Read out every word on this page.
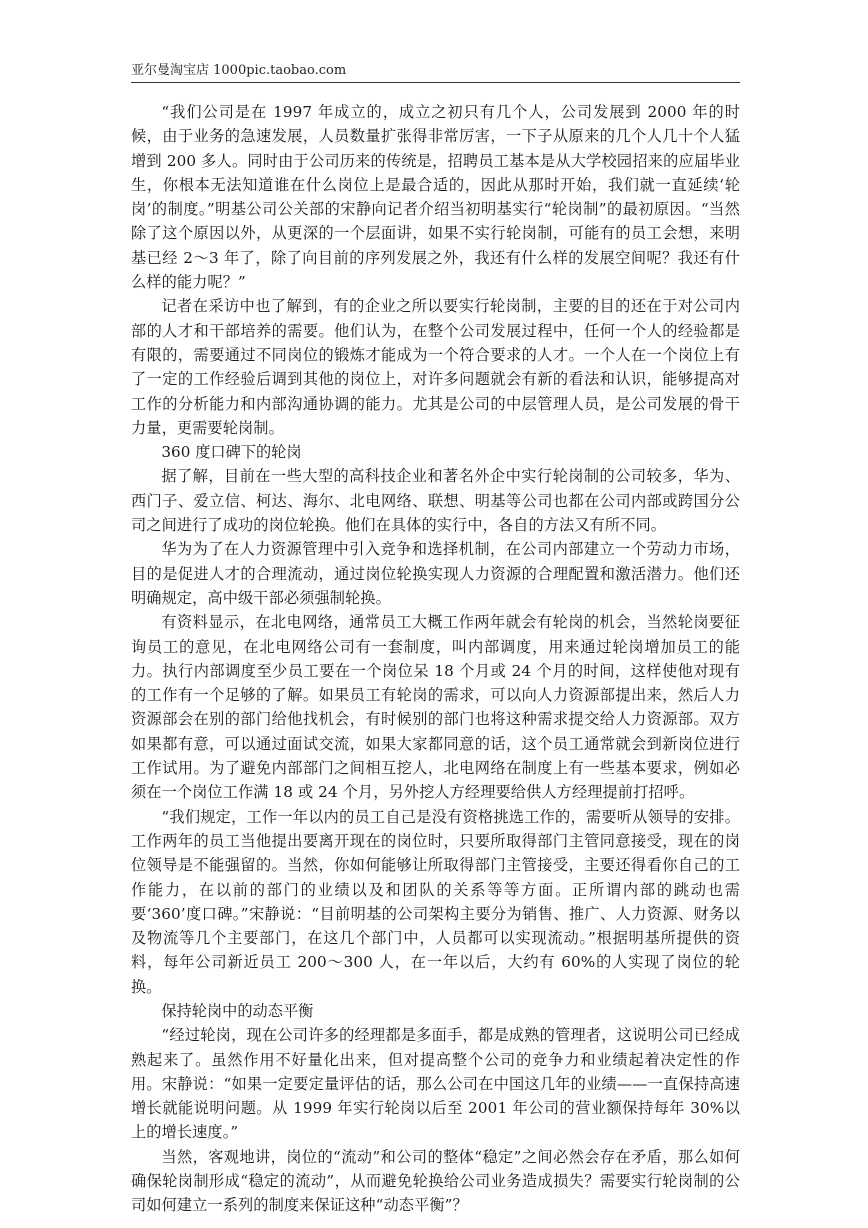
亚尔曼淘宝店 1000pic.taobao.com

“我们公司是在 1997 年成立的，成立之初只有几个人，公司发展到 2000 年的时候，由于业务的急速发展，人员数量扩张得非常厉害，一下子从原来的几个人几十个人猛增到 200 多人。同时由于公司历来的传统是，招聘员工基本是从大学校园招来的应届毕业生，你根本无法知道谁在什么岗位上是最合适的，因此从那时开始，我们就一直延续‘轮岗’的制度。”明基公司公关部的宋静向记者介绍当初明基实行“轮岗制”的最初原因。“当然除了这个原因以外，从更深的一个层面讲，如果不实行轮岗制，可能有的员工会想，来明基已经 2～3 年了，除了向目前的序列发展之外，我还有什么样的发展空间呢？我还有什么样的能力呢？”

记者在采访中也了解到，有的企业之所以要实行轮岗制，主要的目的还在于对公司内部的人才和干部培养的需要。他们认为，在整个公司发展过程中，任何一个人的经验都是有限的，需要通过不同岗位的锻炼才能成为一个符合要求的人才。一个人在一个岗位上有了一定的工作经验后调到其他的岗位上，对许多问题就会有新的看法和认识，能够提高对工作的分析能力和内部沟通协调的能力。尤其是公司的中层管理人员，是公司发展的骨干力量，更需要轮岗制。

360 度口碑下的轮岗

据了解，目前在一些大型的高科技企业和著名外企中实行轮岗制的公司较多，华为、西门子、爱立信、柯达、海尔、北电网络、联想、明基等公司也都在公司内部或跨国分公司之间进行了成功的岗位轮换。他们在具体的实行中，各自的方法又有所不同。

华为为了在人力资源管理中引入竞争和选择机制，在公司内部建立一个劳动力市场，目的是促进人才的合理流动，通过岗位轮换实现人力资源的合理配置和激活潜力。他们还明确规定，高中级干部必须强制轮换。

有资料显示，在北电网络，通常员工大概工作两年就会有轮岗的机会，当然轮岗要征询员工的意见，在北电网络公司有一套制度，叫内部调度，用来通过轮岗增加员工的能力。执行内部调度至少员工要在一个岗位呆 18 个月或 24 个月的时间，这样使他对现有的工作有一个足够的了解。如果员工有轮岗的需求，可以向人力资源部提出来，然后人力资源部会在别的部门给他找机会，有时候别的部门也将这种需求提交给人力资源部。双方如果都有意，可以通过面试交流，如果大家都同意的话，这个员工通常就会到新岗位进行工作试用。为了避免内部部门之间相互挖人，北电网络在制度上有一些基本要求，例如必须在一个岗位工作满 18 或 24 个月，另外挖人方经理要给供人方经理提前打招呼。

“我们规定，工作一年以内的员工自己是没有资格挑选工作的，需要听从领导的安排。工作两年的员工当他提出要离开现在的岗位时，只要所取得部门主管同意接受，现在的岗位领导是不能强留的。当然，你如何能够让所取得部门主管接受，主要还得看你自己的工作能力，在以前的部门的业绩以及和团队的关系等等方面。正所谓内部的跳动也需要‘360’度口碑。”宋静说：“目前明基的公司架构主要分为销售、推广、人力资源、财务以及物流等几个主要部门，在这几个部门中，人员都可以实现流动。”根据明基所提供的资料，每年公司新近员工 200～300 人，在一年以后，大约有 60%的人实现了岗位的轮换。

保持轮岗中的动态平衡

“经过轮岗，现在公司许多的经理都是多面手，都是成熟的管理者，这说明公司已经成熟起来了。虽然作用不好量化出来，但对提高整个公司的竞争力和业绩起着决定性的作用。宋静说：“如果一定要定量评估的话，那么公司在中国这几年的业绩——一直保持高速增长就能说明问题。从 1999 年实行轮岗以后至 2001 年公司的营业额保持每年 30%以上的增长速度。”

当然，客观地讲，岗位的“流动”和公司的整体“稳定”之间必然会存在矛盾，那么如何确保轮岗制形成“稳定的流动”，从而避免轮换给公司业务造成损失？需要实行轮岗制的公司如何建立一系列的制度来保证这种“动态平衡”？
